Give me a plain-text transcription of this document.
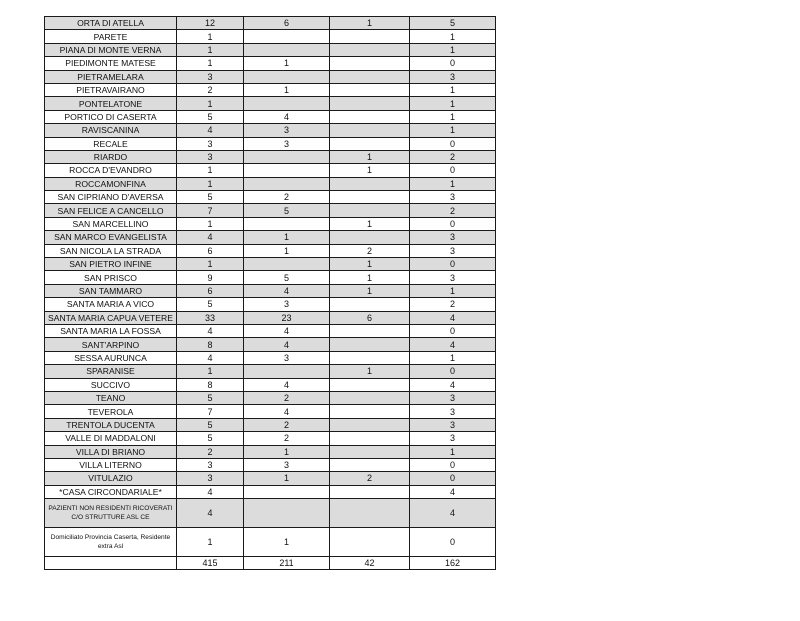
ORTA DI ATELLA	12	6	1	5
PARETE	1			1
PIANA DI MONTE VERNA	1			1
PIEDIMONTE MATESE	1	1		0
PIETRAMELARA	3			3
PIETRAVAIRANO	2	1		1
PONTELATONE	1			1
PORTICO DI CASERTA	5	4		1
RAVISCANINA	4	3		1
RECALE	3	3		0
RIARDO	3		1	2
ROCCA D'EVANDRO	1		1	0
ROCCAMONFINA	1			1
SAN CIPRIANO D'AVERSA	5	2		3
SAN FELICE A CANCELLO	7	5		2
SAN MARCELLINO	1		1	0
SAN MARCO EVANGELISTA	4	1		3
SAN NICOLA LA STRADA	6	1	2	3
SAN PIETRO INFINE	1		1	0
SAN PRISCO	9	5	1	3
SAN TAMMARO	6	4	1	1
SANTA MARIA A VICO	5	3		2
SANTA MARIA CAPUA VETERE	33	23	6	4
SANTA MARIA LA FOSSA	4	4		0
SANT'ARPINO	8	4		4
SESSA AURUNCA	4	3		1
SPARANISE	1		1	0
SUCCIVO	8	4		4
TEANO	5	2		3
TEVEROLA	7	4		3
TRENTOLA DUCENTA	5	2		3
VALLE DI MADDALONI	5	2		3
VILLA DI BRIANO	2	1		1
VILLA LITERNO	3	3		0
VITULAZIO	3	1	2	0
*CASA CIRCONDARIALE*	4			4
PAZIENTI NON RESIDENTI RICOVERATI C/O STRUTTURE ASL CE	4			4
Domiciliato Provincia Caserta, Residente extra Asl	1	1		0
	415	211	42	162
